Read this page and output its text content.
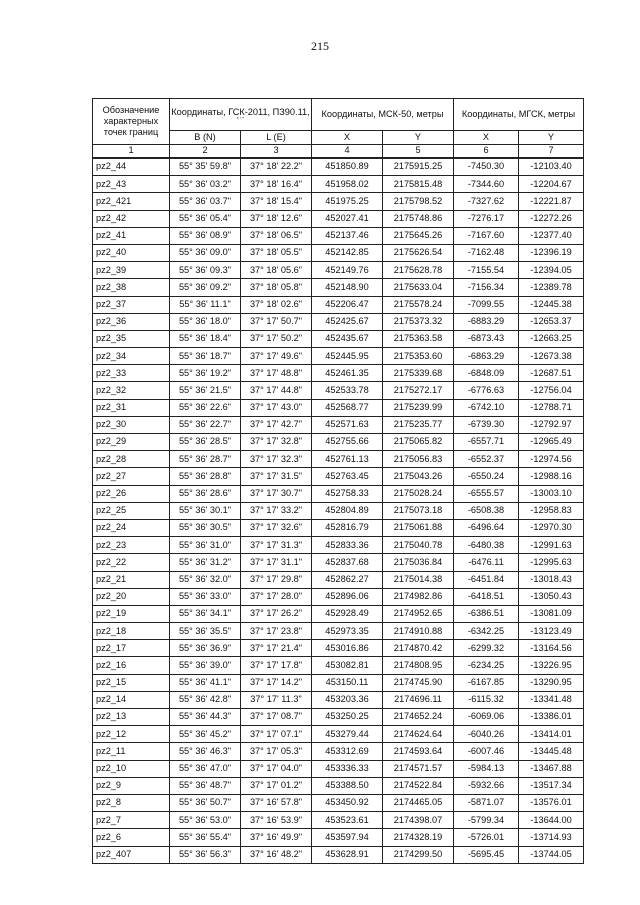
215
Обозначение
характерных
точек границ	Координаты, ГСК-2011, ПЗ90.11,
° ' "		Координаты, МСК-50, метры		Координаты, МГСК, метры	
	B (N)	L (E)	X	Y	X	Y
1	2	3	4	5	6	7
pz2_44	55° 35' 59.8"	37° 18' 22.2"	451850.89	2175915.25	-7450.30	-12103.40
pz2_43	55° 36' 03.2"	37° 18' 16.4"	451958.02	2175815.48	-7344.60	-12204.67
pz2_421	55° 36' 03.7"	37° 18' 15.4"	451975.25	2175798.52	-7327.62	-12221.87
pz2_42	55° 36' 05.4"	37° 18' 12.6"	452027.41	2175748.86	-7276.17	-12272.26
pz2_41	55° 36' 08.9"	37° 18' 06.5"	452137.46	2175645.26	-7167.60	-12377.40
pz2_40	55° 36' 09.0"	37° 18' 05.5"	452142.85	2175626.54	-7162.48	-12396.19
pz2_39	55° 36' 09.3"	37° 18' 05.6"	452149.76	2175628.78	-7155.54	-12394.05
pz2_38	55° 36' 09.2"	37° 18' 05.8"	452148.90	2175633.04	-7156.34	-12389.78
pz2_37	55° 36' 11.1"	37° 18' 02.6"	452206.47	2175578.24	-7099.55	-12445.38
pz2_36	55° 36' 18.0"	37° 17' 50.7"	452425.67	2175373.32	-6883.29	-12653.37
pz2_35	55° 36' 18.4"	37° 17' 50.2"	452435.67	2175363.58	-6873.43	-12663.25
pz2_34	55° 36' 18.7"	37° 17' 49.6"	452445.95	2175353.60	-6863.29	-12673.38
pz2_33	55° 36' 19.2"	37° 17' 48.8"	452461.35	2175339.68	-6848.09	-12687.51
pz2_32	55° 36' 21.5"	37° 17' 44.8"	452533.78	2175272.17	-6776.63	-12756.04
pz2_31	55° 36' 22.6"	37° 17' 43.0"	452568.77	2175239.99	-6742.10	-12788.71
pz2_30	55° 36' 22.7"	37° 17' 42.7"	452571.63	2175235.77	-6739.30	-12792.97
pz2_29	55° 36' 28.5"	37° 17' 32.8"	452755.66	2175065.82	-6557.71	-12965.49
pz2_28	55° 36' 28.7"	37° 17' 32.3"	452761.13	2175056.83	-6552.37	-12974.56
pz2_27	55° 36' 28.8"	37° 17' 31.5"	452763.45	2175043.26	-6550.24	-12988.16
pz2_26	55° 36' 28.6"	37° 17' 30.7"	452758.33	2175028.24	-6555.57	-13003.10
pz2_25	55° 36' 30.1"	37° 17' 33.2"	452804.89	2175073.18	-6508.38	-12958.83
pz2_24	55° 36' 30.5"	37° 17' 32.6"	452816.79	2175061.88	-6496.64	-12970.30
pz2_23	55° 36' 31.0"	37° 17' 31.3"	452833.36	2175040.78	-6480.38	-12991.63
pz2_22	55° 36' 31.2"	37° 17' 31.1"	452837.68	2175036.84	-6476.11	-12995.63
pz2_21	55° 36' 32.0"	37° 17' 29.8"	452862.27	2175014.38	-6451.84	-13018.43
pz2_20	55° 36' 33.0"	37° 17' 28.0"	452896.06	2174982.86	-6418.51	-13050.43
pz2_19	55° 36' 34.1"	37° 17' 26.2"	452928.49	2174952.65	-6386.51	-13081.09
pz2_18	55° 36' 35.5"	37° 17' 23.8"	452973.35	2174910.88	-6342.25	-13123.49
pz2_17	55° 36' 36.9"	37° 17' 21.4"	453016.86	2174870.42	-6299.32	-13164.56
pz2_16	55° 36' 39.0"	37° 17' 17.8"	453082.81	2174808.95	-6234.25	-13226.95
pz2_15	55° 36' 41.1"	37° 17' 14.2"	453150.11	2174745.90	-6167.85	-13290.95
pz2_14	55° 36' 42.8"	37° 17' 11.3"	453203.36	2174696.11	-6115.32	-13341.48
pz2_13	55° 36' 44.3"	37° 17' 08.7"	453250.25	2174652.24	-6069.06	-13386.01
pz2_12	55° 36' 45.2"	37° 17' 07.1"	453279.44	2174624.64	-6040.26	-13414.01
pz2_11	55° 36' 46.3"	37° 17' 05.3"	453312.69	2174593.64	-6007.46	-13445.48
pz2_10	55° 36' 47.0"	37° 17' 04.0"	453336.33	2174571.57	-5984.13	-13467.88
pz2_9	55° 36' 48.7"	37° 17' 01.2"	453388.50	2174522.84	-5932.66	-13517.34
pz2_8	55° 36' 50.7"	37° 16' 57.8"	453450.92	2174465.05	-5871.07	-13576.01
pz2_7	55° 36' 53.0"	37° 16' 53.9"	453523.61	2174398.07	-5799.34	-13644.00
pz2_6	55° 36' 55.4"	37° 16' 49.9"	453597.94	2174328.19	-5726.01	-13714.93
pz2_407	55° 36' 56.3"	37° 16' 48.2"	453628.91	2174299.50	-5695.45	-13744.05
